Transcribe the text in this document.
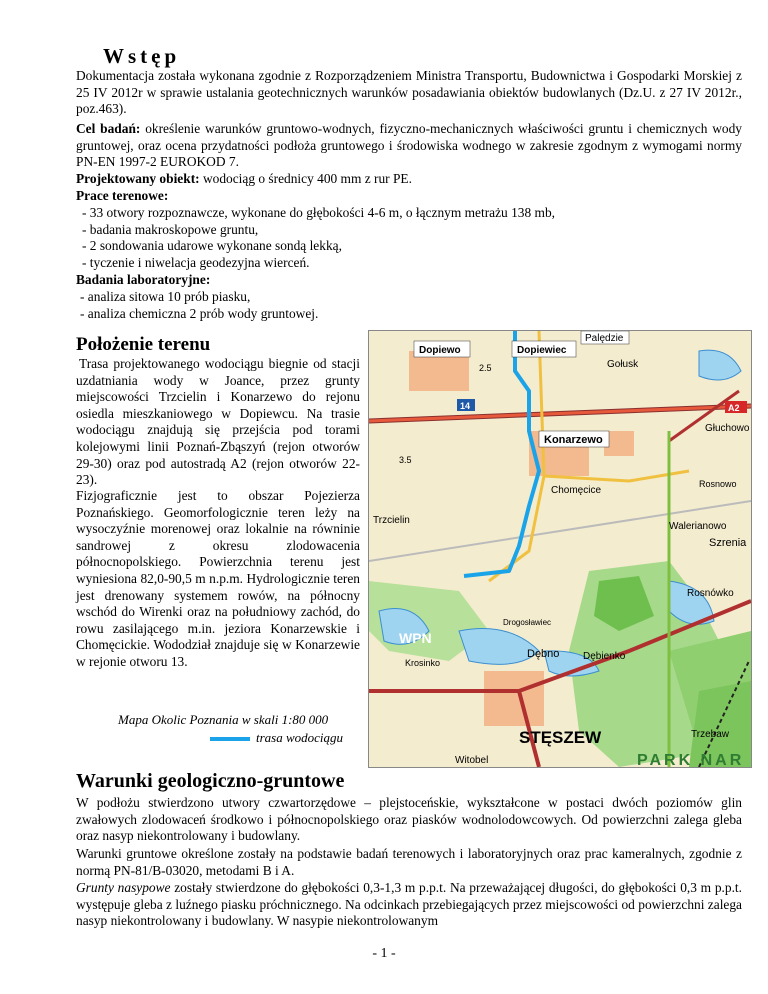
Wstęp

Dokumentacja została wykonana zgodnie z Rozporządzeniem Ministra Transportu, Budownictwa i Gospodarki Morskiej z 25 IV 2012r w sprawie ustalania geotechnicznych warunków posadawiania obiektów budowlanych (Dz.U. z 27 IV 2012r., poz.463).

Cel badań: określenie warunków gruntowo-wodnych, fizyczno-mechanicznych właściwości gruntu i chemicznych wody gruntowej, oraz ocena przydatności podłoża gruntowego i środowiska wodnego w zakresie zgodnym z wymogami normy PN-EN 1997-2 EUROKOD 7.

Projektowany obiekt: wodociąg o średnicy 400 mm z rur PE.

Prace terenowe:

- 33 otwory rozpoznawcze, wykonane do głębokości 4-6 m, o łącznym metrażu 138 mb,
- badania makroskopowe gruntu,
- 2 sondowania udarowe wykonane sondą lekką,
- tyczenie i niwelacja geodezyjna wierceń.

Badania laboratoryjne:

- analiza sitowa 10 prób piasku,
- analiza chemiczna 2 prób wody gruntowej.
Położenie terenu

Trasa projektowanego wodociągu biegnie od stacji uzdatniania wody w Joance, przez grunty miejscowości Trzcielin i Konarzewo do rejonu osiedla mieszkaniowego w Dopiewcu. Na trasie wodociągu znajdują się przejścia pod torami kolejowymi linii Poznań-Zbąszyń (rejon otworów 29-30) oraz pod autostradą A2 (rejon otworów 22-23).

Fizjograficznie jest to obszar Pojezierza Poznańskiego. Geomorfologicznie teren leży na wysoczyźnie morenowej oraz lokalnie na równinie sandrowej z okresu zlodowacenia północnopolskiego. Powierzchnia terenu jest wyniesiona 82,0-90,5 m n.p.m. Hydrologicznie teren jest drenowany systemem rowów, na północny wschód do Wirenki oraz na południowy zachód, do rowu zasilającego m.in. jeziora Konarzewskie i Chomęcickie. Wododział znajduje się w Konarzewie w rejonie otworu 13.

Mapa Okolic Poznania w skali 1:80 000
trasa wodociągu
Dopiewo	Dopiewiec
Palędzie
Gołusk
Głuchowo
Konarzewo
Chomęcice
Trzcielin
Walerianowo
Rosnowo
Szrenia
Rosnówko
WPN
Drogosławiec
Dębno Dębienko
Krosinko
STĘSZEW
Witobel
Trzebaw
PARK NAR
14	A2
2.5
3.5
Warunki geologiczno-gruntowe

W podłożu stwierdzono utwory czwartorzędowe – plejstoceńskie, wykształcone w postaci dwóch poziomów glin zwałowych zlodowaceń środkowo i północnopolskiego oraz piasków wodnolodowcowych. Od powierzchni zalega gleba oraz nasyp niekontrolowany i budowlany.

Warunki gruntowe określone zostały na podstawie badań terenowych i laboratoryjnych oraz prac kameralnych, zgodnie z normą PN-81/B-03020, metodami B i A.

Grunty nasypowe zostały stwierdzone do głębokości 0,3-1,3 m p.p.t. Na przeważającej długości, do głębokości 0,3 m p.p.t. występuje gleba z luźnego piasku próchnicznego. Na odcinkach przebiegających przez miejscowości od powierzchni zalega nasyp niekontrolowany i budowlany. W nasypie niekontrolowanym

- 1 -
